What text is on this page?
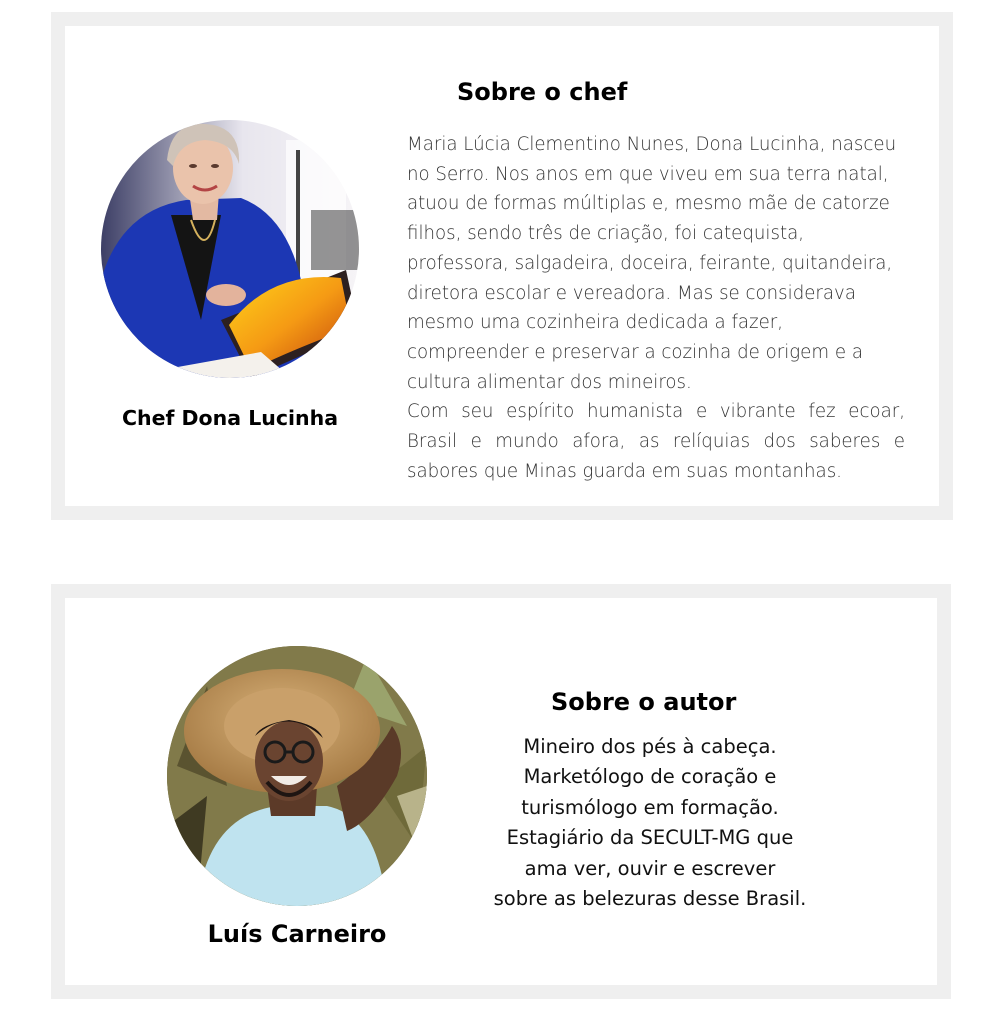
Sobre o chef
Chef Dona Lucinha

Maria Lúcia Clementino Nunes, Dona Lucinha, nasceu no Serro. Nos anos em que viveu em sua terra natal, atuou de formas múltiplas e, mesmo mãe de catorze filhos, sendo três de criação, foi catequista, professora, salgadeira, doceira, feirante, quitandeira, diretora escolar e vereadora. Mas se considerava mesmo uma cozinheira dedicada a fazer, compreender e preservar a cozinha de origem e a cultura alimentar dos mineiros.

Com seu espírito humanista e vibrante fez ecoar, Brasil e mundo afora, as relíquias dos saberes e sabores que Minas guarda em suas montanhas.

Sobre o autor
Luís Carneiro
Mineiro dos pés à cabeça.
Marketólogo de coração e
turismólogo em formação.
Estagiário da SECULT-MG que
ama ver, ouvir e escrever
sobre as belezuras desse Brasil.
